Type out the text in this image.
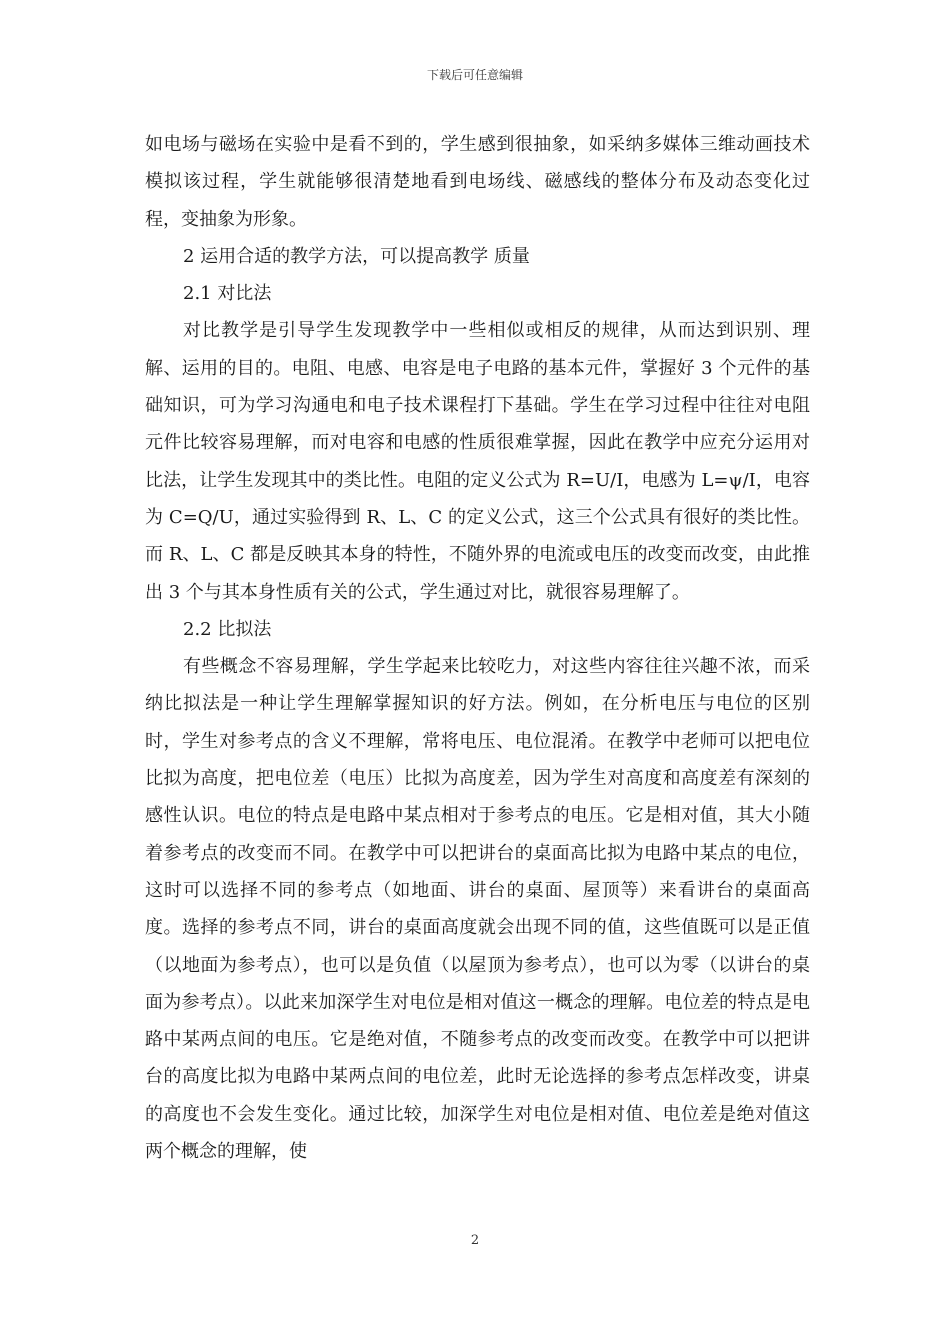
下载后可任意编辑

如电场与磁场在实验中是看不到的，学生感到很抽象，如采纳多媒体三维动画技术模拟该过程，学生就能够很清楚地看到电场线、磁感线的整体分布及动态变化过程，变抽象为形象。

2 运用合适的教学方法，可以提高教学 质量

2.1 对比法

对比教学是引导学生发现教学中一些相似或相反的规律，从而达到识别、理解、运用的目的。电阻、电感、电容是电子电路的基本元件，掌握好 3 个元件的基础知识，可为学习沟通电和电子技术课程打下基础。学生在学习过程中往往对电阻元件比较容易理解，而对电容和电感的性质很难掌握，因此在教学中应充分运用对比法，让学生发现其中的类比性。电阻的定义公式为 R=U/I，电感为 L=ψ/I，电容为 C=Q/U，通过实验得到 R、L、C 的定义公式，这三个公式具有很好的类比性。而 R、L、C 都是反映其本身的特性，不随外界的电流或电压的改变而改变，由此推出 3 个与其本身性质有关的公式，学生通过对比，就很容易理解了。

2.2 比拟法

有些概念不容易理解，学生学起来比较吃力，对这些内容往往兴趣不浓，而采纳比拟法是一种让学生理解掌握知识的好方法。例如，在分析电压与电位的区别时，学生对参考点的含义不理解，常将电压、电位混淆。在教学中老师可以把电位比拟为高度，把电位差（电压）比拟为高度差，因为学生对高度和高度差有深刻的感性认识。电位的特点是电路中某点相对于参考点的电压。它是相对值，其大小随着参考点的改变而不同。在教学中可以把讲台的桌面高比拟为电路中某点的电位，这时可以选择不同的参考点（如地面、讲台的桌面、屋顶等）来看讲台的桌面高度。选择的参考点不同，讲台的桌面高度就会出现不同的值，这些值既可以是正值（以地面为参考点），也可以是负值（以屋顶为参考点），也可以为零（以讲台的桌面为参考点）。以此来加深学生对电位是相对值这一概念的理解。电位差的特点是电路中某两点间的电压。它是绝对值，不随参考点的改变而改变。在教学中可以把讲台的高度比拟为电路中某两点间的电位差，此时无论选择的参考点怎样改变，讲桌的高度也不会发生变化。通过比较，加深学生对电位是相对值、电位差是绝对值这两个概念的理解，使

2
